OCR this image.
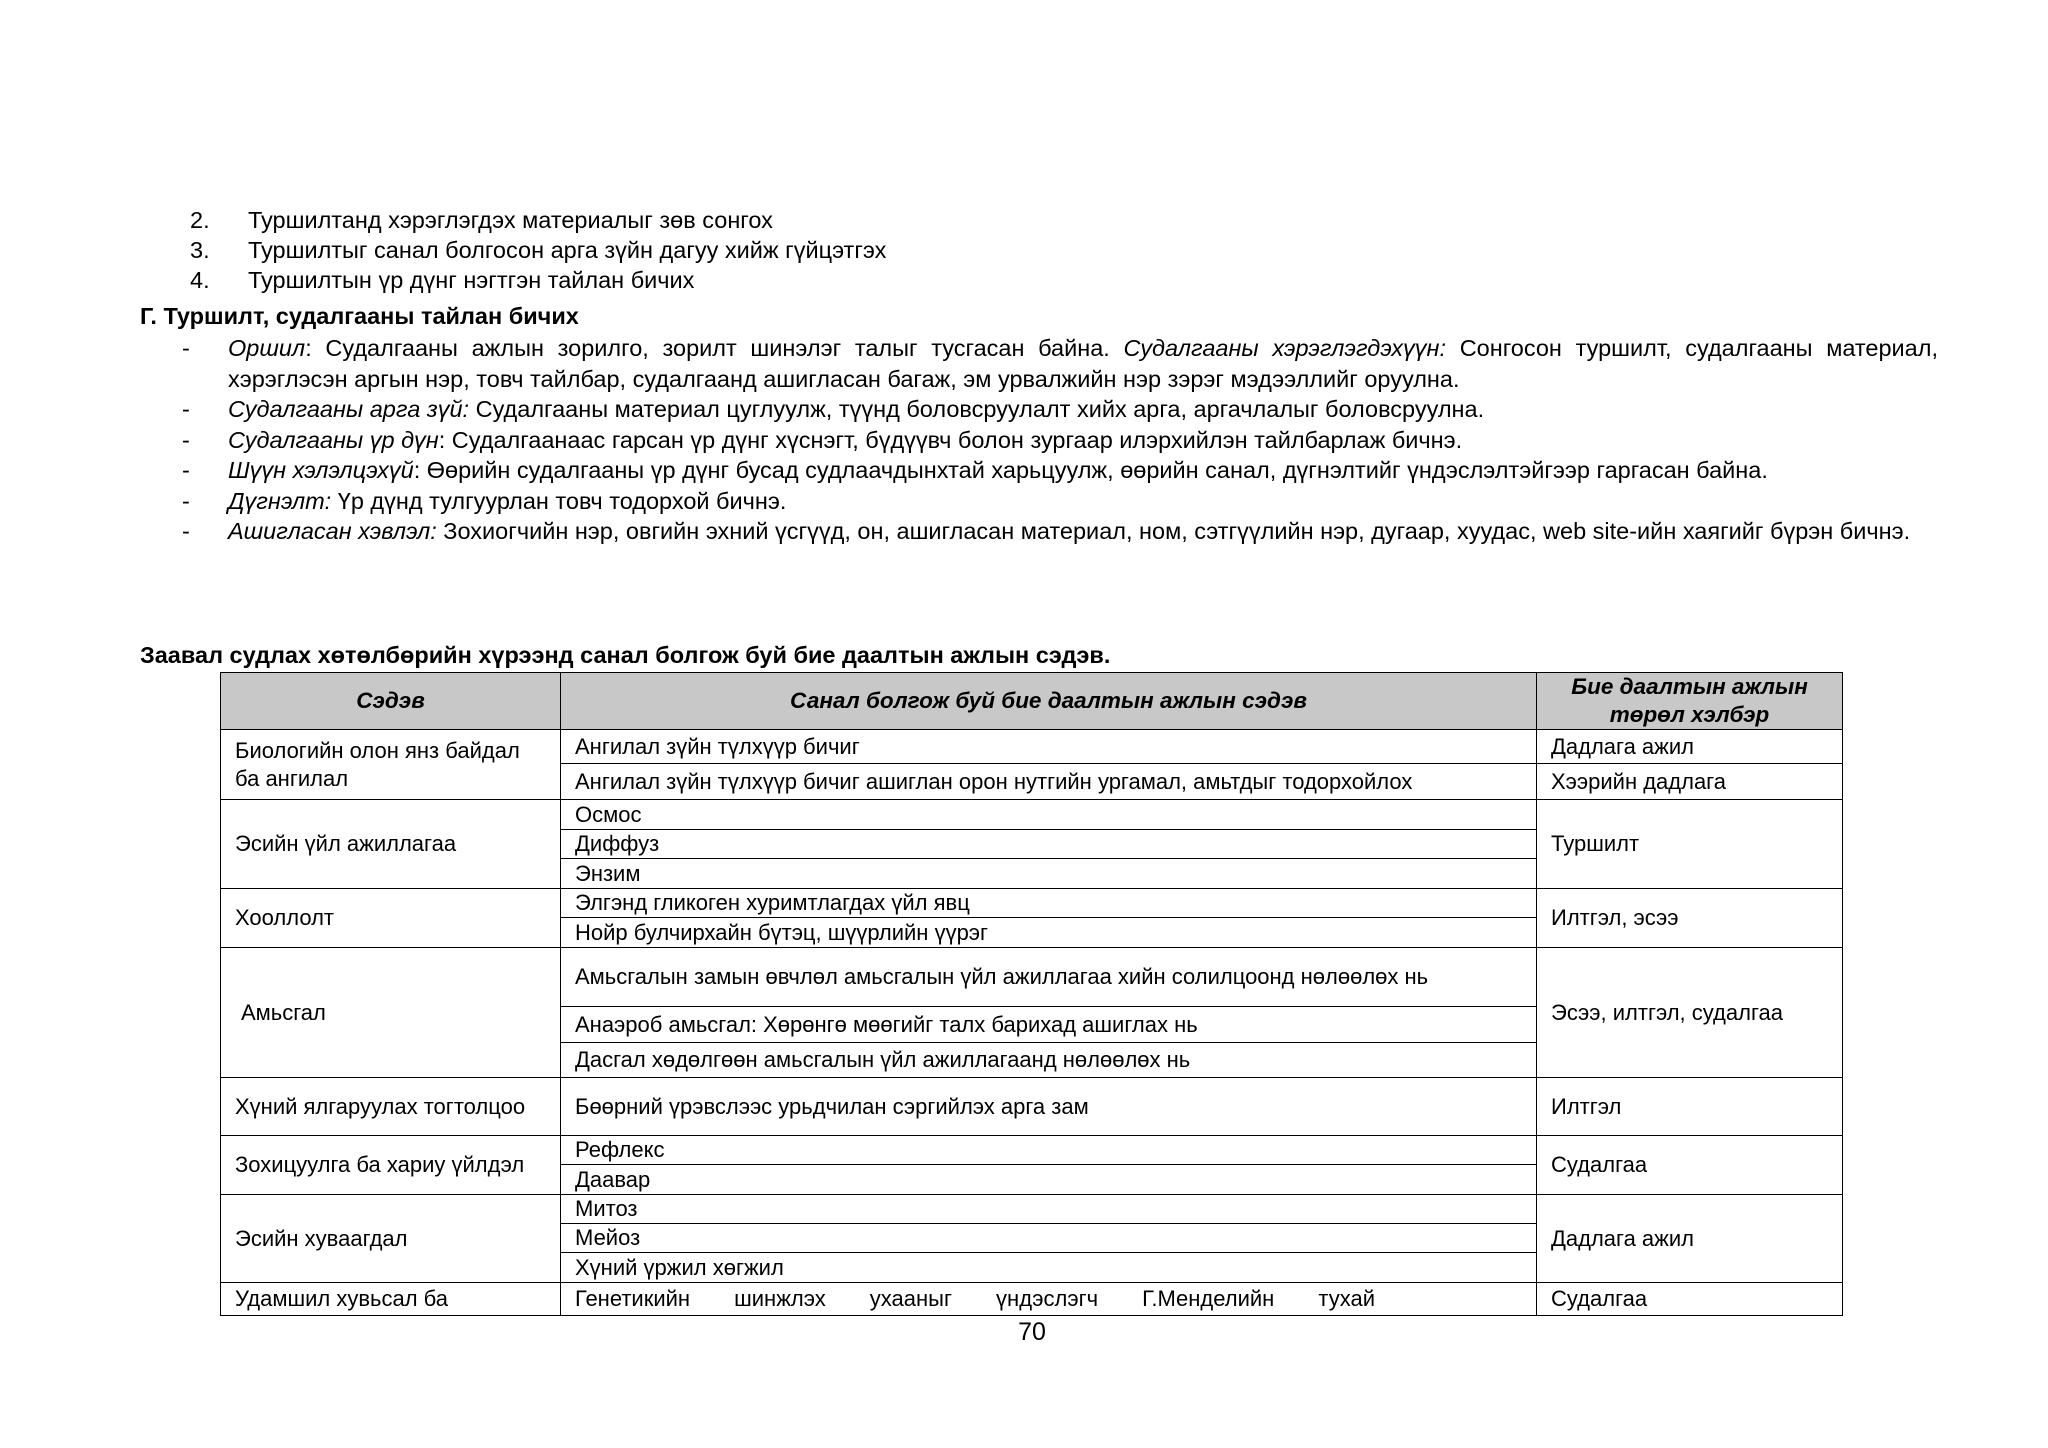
2. Туршилтанд хэрэглэгдэх материалыг зөв сонгох
3. Туршилтыг санал болгосон арга зүйн дагуу хийж гүйцэтгэх
4. Туршилтын үр дүнг нэгтгэн тайлан бичих
Г. Туршилт, судалгааны тайлан бичих
- Оршил: Судалгааны ажлын зорилго, зорилт шинэлэг талыг тусгасан байна. Судалгааны хэрэглэгдэхүүн: Сонгосон туршилт, судалгааны материал, хэрэглэсэн аргын нэр, товч тайлбар, судалгаанд ашигласан багаж, эм урвалжийн нэр зэрэг мэдээллийг оруулна.
- Судалгааны арга зүй: Судалгааны материал цуглуулж, түүнд боловсруулалт хийх арга, аргачлалыг боловсруулна.
- Судалгааны үр дүн: Судалгаанаас гарсан үр дүнг хүснэгт, бүдүүвч болон зургаар илэрхийлэн тайлбарлаж бичнэ.
- Шүүн хэлэлцэхүй: Өөрийн судалгааны үр дүнг бусад судлаачдынхтай харьцуулж, өөрийн санал, дүгнэлтийг үндэслэлтэйгээр гаргасан байна.
- Дүгнэлт: Үр дүнд тулгуурлан товч тодорхой бичнэ.
- Ашигласан хэвлэл: Зохиогчийн нэр, овгийн эхний үсгүүд, он, ашигласан материал, ном, сэтгүүлийн нэр, дугаар, хуудас, web site-ийн хаягийг бүрэн бичнэ.
Заавал судлах хөтөлбөрийн хүрээнд санал болгож буй бие даалтын ажлын сэдэв.
Сэдэв	Санал болгож буй бие даалтын ажлын сэдэв	Бие даалтын ажлын төрөл хэлбэр
Биологийн олон янз байдал ба ангилал	Ангилал зүйн түлхүүр бичиг	Дадлага ажил
	Ангилал зүйн түлхүүр бичиг ашиглан орон нутгийн ургамал, амьтдыг тодорхойлох	Хээрийн дадлага
Эсийн үйл ажиллагаа	Осмос	Туршилт
	Диффуз	
	Энзим	
Хооллолт	Элгэнд гликоген хуримтлагдах үйл явц	Илтгэл, эсээ
	Нойр булчирхайн бүтэц, шүүрлийн үүрэг	
Амьсгал	Амьсгалын замын өвчлөл амьсгалын үйл ажиллагаа хийн солилцоонд нөлөөлөх нь	Эсээ, илтгэл, судалгаа
	Анаэроб амьсгал: Хөрөнгө мөөгийг талх барихад ашиглах нь	
	Дасгал хөдөлгөөн амьсгалын үйл ажиллагаанд нөлөөлөх нь	
Хүний ялгаруулах тогтолцоо	Бөөрний үрэвслээс урьдчилан сэргийлэх арга зам	Илтгэл
Зохицуулга ба хариу үйлдэл	Рефлекс	Судалгаа
	Даавар	
Эсийн хуваагдал	Митоз	Дадлага ажил
	Мейоз	
	Хүний үржил хөгжил	
Удамшил хувьсал ба	Генетикийн шинжлэх ухааныг үндэслэгч Г.Менделийн тухай	Судалгаа
70
